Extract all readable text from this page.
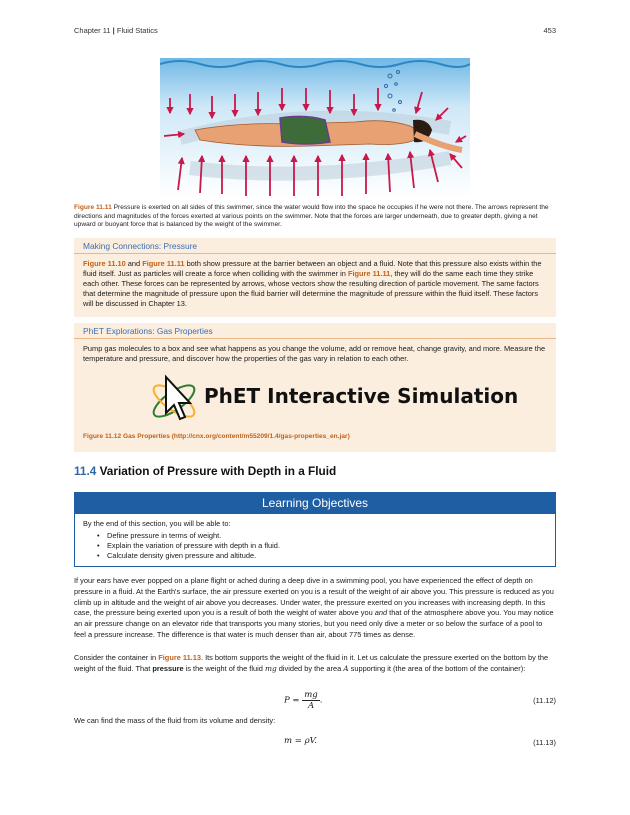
Chapter 11 | Fluid Statics	453
Figure 11.11 Pressure is exerted on all sides of this swimmer, since the water would flow into the space he occupies if he were not there. The arrows represent the directions and magnitudes of the forces exerted at various points on the swimmer. Note that the forces are larger underneath, due to greater depth, giving a net upward or buoyant force that is balanced by the weight of the swimmer.
Making Connections: Pressure
Figure 11.10 and Figure 11.11 both show pressure at the barrier between an object and a fluid. Note that this pressure also exists within the fluid itself. Just as particles will create a force when colliding with the swimmer in Figure 11.11, they will do the same each time they strike each other. These forces can be represented by arrows, whose vectors show the resulting direction of particle movement. The same factors that determine the magnitude of pressure upon the fluid barrier will determine the magnitude of pressure within the fluid itself. These factors will be discussed in Chapter 13.
PhET Explorations: Gas Properties
Pump gas molecules to a box and see what happens as you change the volume, add or remove heat, change gravity, and more. Measure the temperature and pressure, and discover how the properties of the gas vary in relation to each other.
PhET Interactive Simulation
Figure 11.12 Gas Properties (http://cnx.org/content/m55209/1.4/gas-properties_en.jar)
11.4 Variation of Pressure with Depth in a Fluid
Learning Objectives
By the end of this section, you will be able to:
• Define pressure in terms of weight.
• Explain the variation of pressure with depth in a fluid.
• Calculate density given pressure and altitude.
If your ears have ever popped on a plane flight or ached during a deep dive in a swimming pool, you have experienced the effect of depth on pressure in a fluid. At the Earth's surface, the air pressure exerted on you is a result of the weight of air above you. This pressure is reduced as you climb up in altitude and the weight of air above you decreases. Under water, the pressure exerted on you increases with increasing depth. In this case, the pressure being exerted upon you is a result of both the weight of water above you and that of the atmosphere above you. You may notice an air pressure change on an elevator ride that transports you many stories, but you need only dive a meter or so below the surface of a pool to feel a pressure increase. The difference is that water is much denser than air, about 775 times as dense.
Consider the container in Figure 11.13. Its bottom supports the weight of the fluid in it. Let us calculate the pressure exerted on the bottom by the weight of the fluid. That pressure is the weight of the fluid mg divided by the area A supporting it (the area of the bottom of the container):
$P = \frac{mg}{A}$ .	(11.12)
We can find the mass of the fluid from its volume and density:
m = ρV.	(11.13)
